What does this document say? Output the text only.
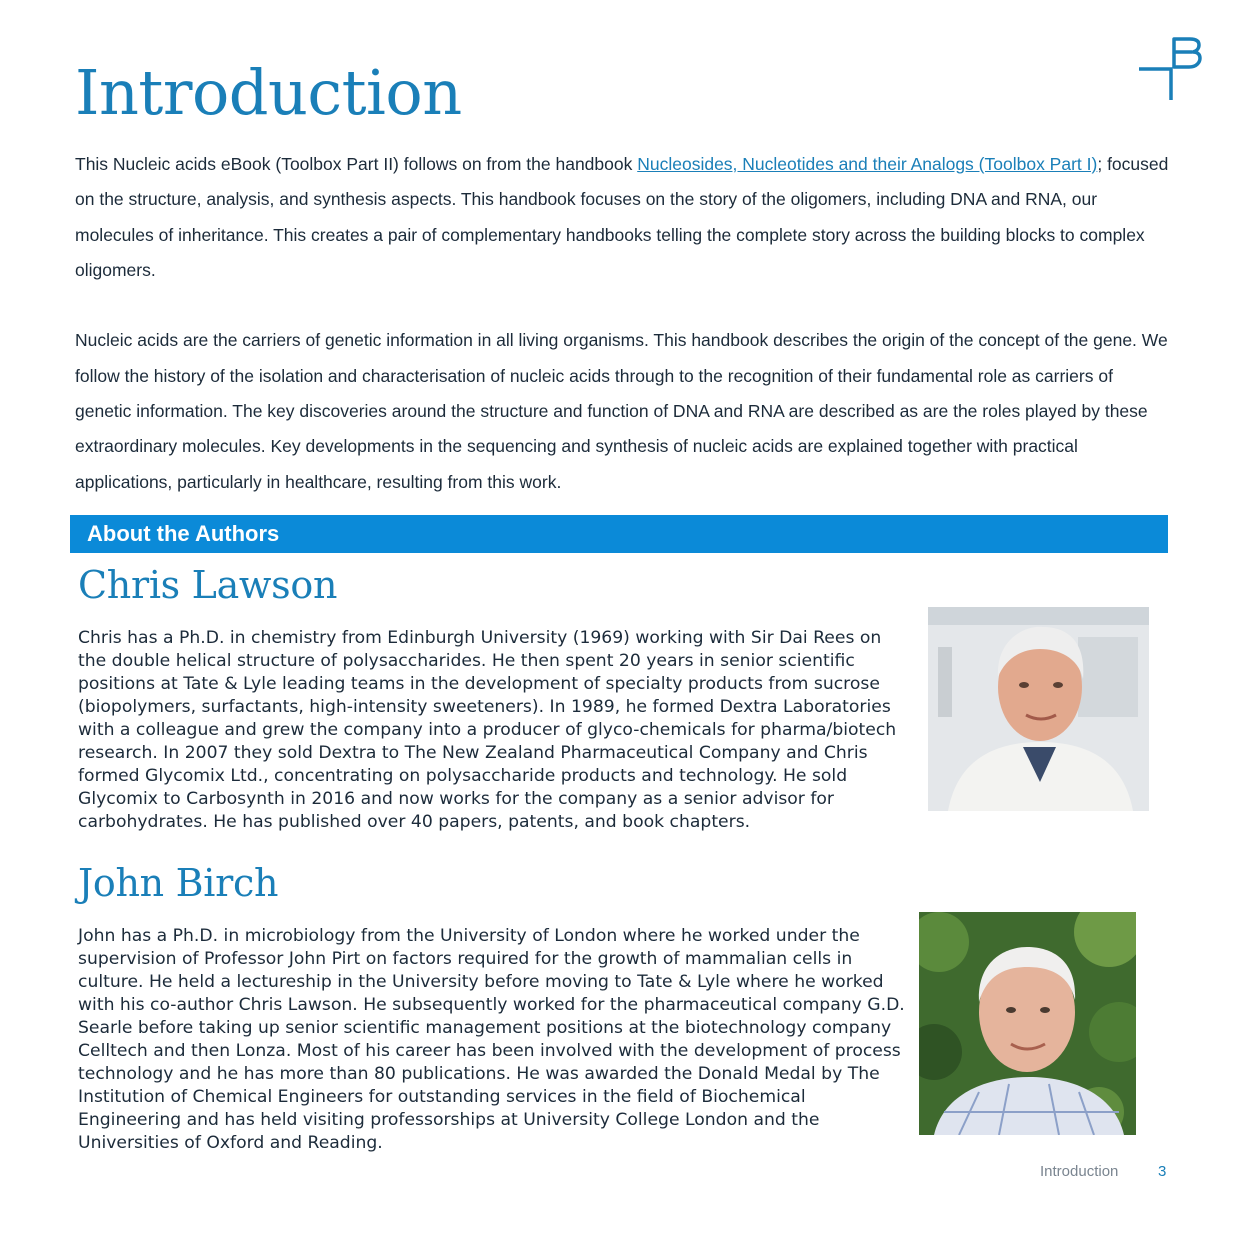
Introduction

This Nucleic acids eBook (Toolbox Part II) follows on from the handbook Nucleosides, Nucleotides and their Analogs (Toolbox Part I); focused on the structure, analysis, and synthesis aspects. This handbook focuses on the story of the oligomers, including DNA and RNA, our molecules of inheritance. This creates a pair of complementary handbooks telling the complete story across the building blocks to complex oligomers.

Nucleic acids are the carriers of genetic information in all living organisms. This handbook describes the origin of the concept of the gene. We follow the history of the isolation and characterisation of nucleic acids through to the recognition of their fundamental role as carriers of genetic information. The key discoveries around the structure and function of DNA and RNA are described as are the roles played by these extraordinary molecules. Key developments in the sequencing and synthesis of nucleic acids are explained together with practical applications, particularly in healthcare, resulting from this work.

About the Authors
Chris Lawson

Chris has a Ph.D. in chemistry from Edinburgh University (1969) working with Sir Dai Rees on the double helical structure of polysaccharides. He then spent 20 years in senior scientific positions at Tate & Lyle leading teams in the development of specialty products from sucrose (biopolymers, surfactants, high-intensity sweeteners). In 1989, he formed Dextra Laboratories with a colleague and grew the company into a producer of glyco-chemicals for pharma/biotech research. In 2007 they sold Dextra to The New Zealand Pharmaceutical Company and Chris formed Glycomix Ltd., concentrating on polysaccharide products and technology. He sold Glycomix to Carbosynth in 2016 and now works for the company as a senior advisor for carbohydrates. He has published over 40 papers, patents, and book chapters.

John Birch

John has a Ph.D. in microbiology from the University of London where he worked under the supervision of Professor John Pirt on factors required for the growth of mammalian cells in culture. He held a lectureship in the University before moving to Tate & Lyle where he worked with his co-author Chris Lawson. He subsequently worked for the pharmaceutical company G.D. Searle before taking up senior scientific management positions at the biotechnology company Celltech and then Lonza. Most of his career has been involved with the development of process technology and he has more than 80 publications. He was awarded the Donald Medal by The Institution of Chemical Engineers for outstanding services in the field of Biochemical Engineering and has held visiting professorships at University College London and the Universities of Oxford and Reading.

Introduction	3
